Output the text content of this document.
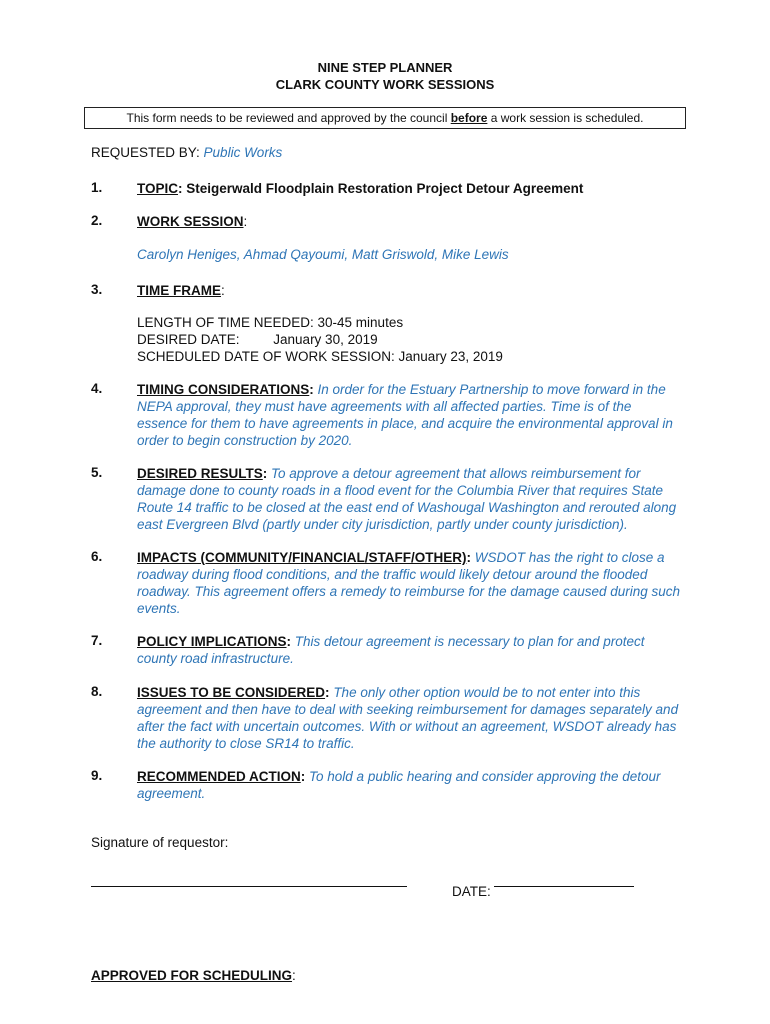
NINE STEP PLANNER
CLARK COUNTY WORK SESSIONS
This form needs to be reviewed and approved by the council before a work session is scheduled.
REQUESTED BY: Public Works
1.	TOPIC: Steigerwald Floodplain Restoration Project Detour Agreement
2.	WORK SESSION:
Carolyn Heniges, Ahmad Qayoumi, Matt Griswold, Mike Lewis
3.	TIME FRAME:
LENGTH OF TIME NEEDED: 30-45 minutes
DESIRED DATE:	January 30, 2019
SCHEDULED DATE OF WORK SESSION: January 23, 2019
4.	TIMING CONSIDERATIONS: In order for the Estuary Partnership to move forward in the NEPA approval, they must have agreements with all affected parties. Time is of the essence for them to have agreements in place, and acquire the environmental approval in order to begin construction by 2020.
5.	DESIRED RESULTS: To approve a detour agreement that allows reimbursement for damage done to county roads in a flood event for the Columbia River that requires State Route 14 traffic to be closed at the east end of Washougal Washington and rerouted along east Evergreen Blvd (partly under city jurisdiction, partly under county jurisdiction).
6.	IMPACTS (COMMUNITY/FINANCIAL/STAFF/OTHER): WSDOT has the right to close a roadway during flood conditions, and the traffic would likely detour around the flooded roadway. This agreement offers a remedy to reimburse for the damage caused during such events.
7.	POLICY IMPLICATIONS: This detour agreement is necessary to plan for and protect county road infrastructure.
8.	ISSUES TO BE CONSIDERED: The only other option would be to not enter into this agreement and then have to deal with seeking reimbursement for damages separately and after the fact with uncertain outcomes. With or without an agreement, WSDOT already has the authority to close SR14 to traffic.
9.	RECOMMENDED ACTION: To hold a public hearing and consider approving the detour agreement.
Signature of requestor:
DATE:
APPROVED FOR SCHEDULING:
